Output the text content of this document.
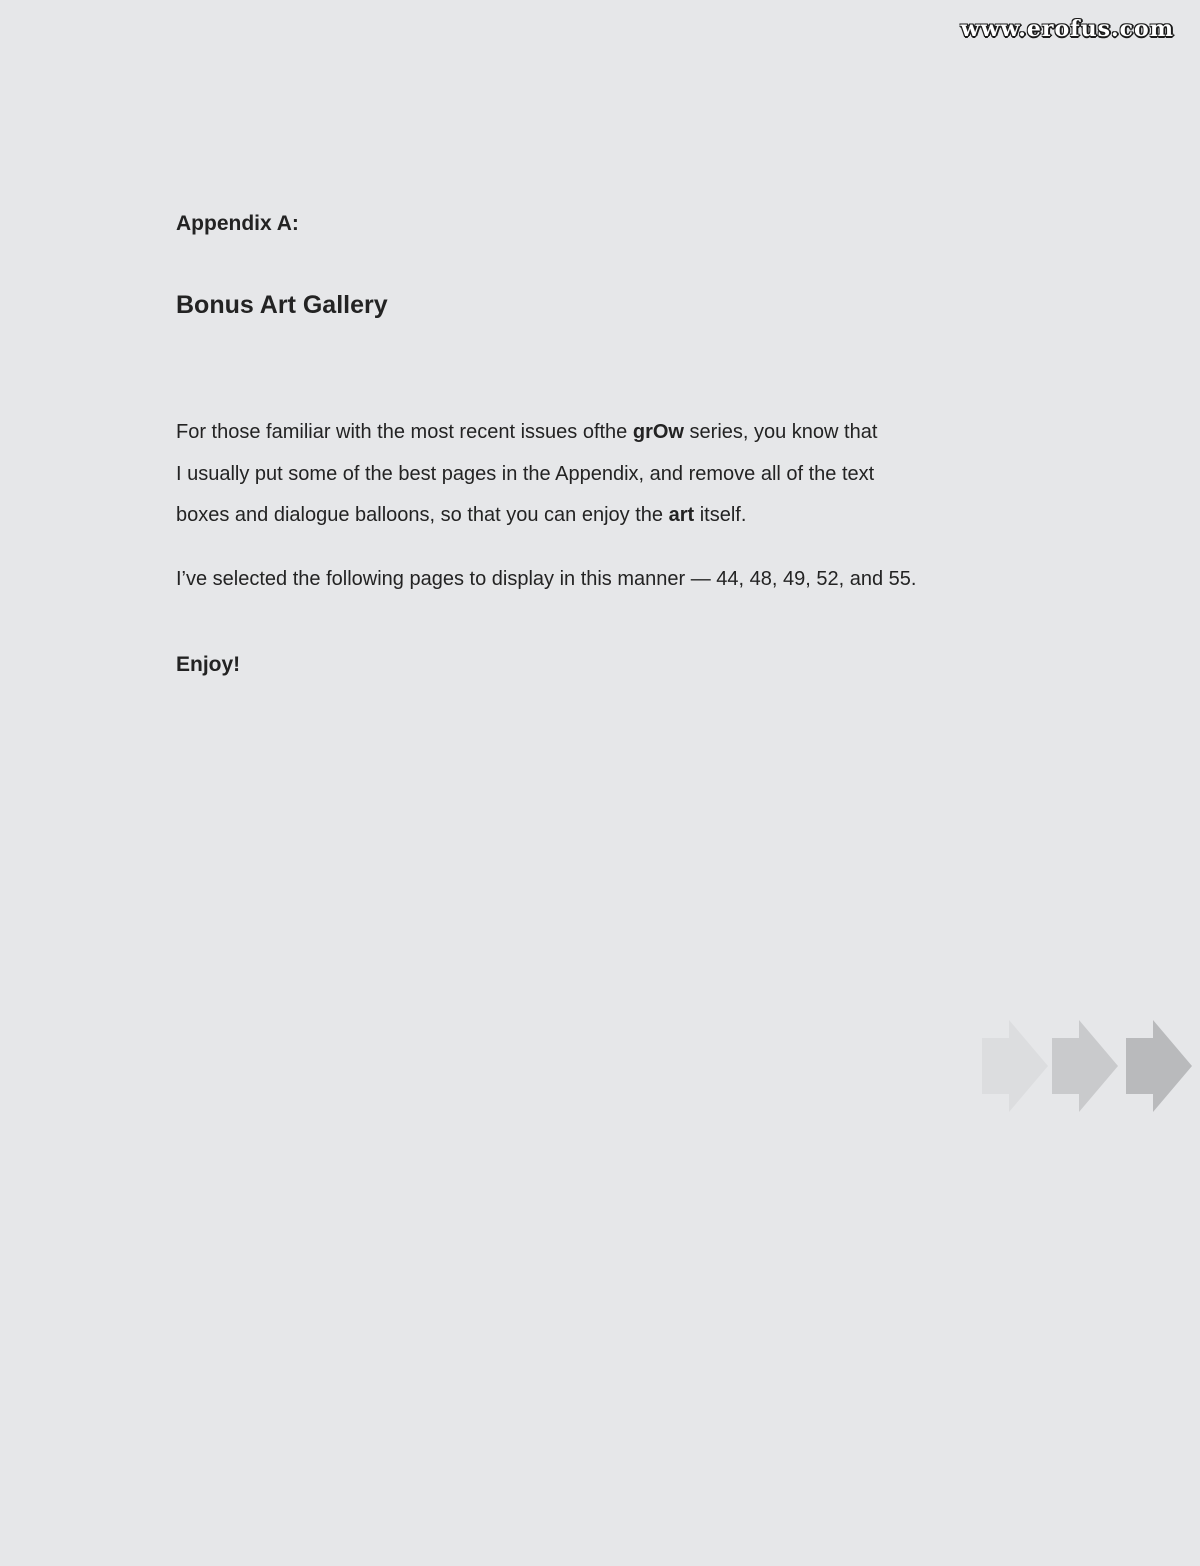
www.erofus.com
Appendix A:
Bonus Art Gallery

For those familiar with the most recent issues ofthe grOw series, you know that
I usually put some of the best pages in the Appendix, and remove all of the text
boxes and dialogue balloons, so that you can enjoy the art itself.

I’ve selected the following pages to display in this manner — 44, 48, 49, 52, and 55.

Enjoy!
